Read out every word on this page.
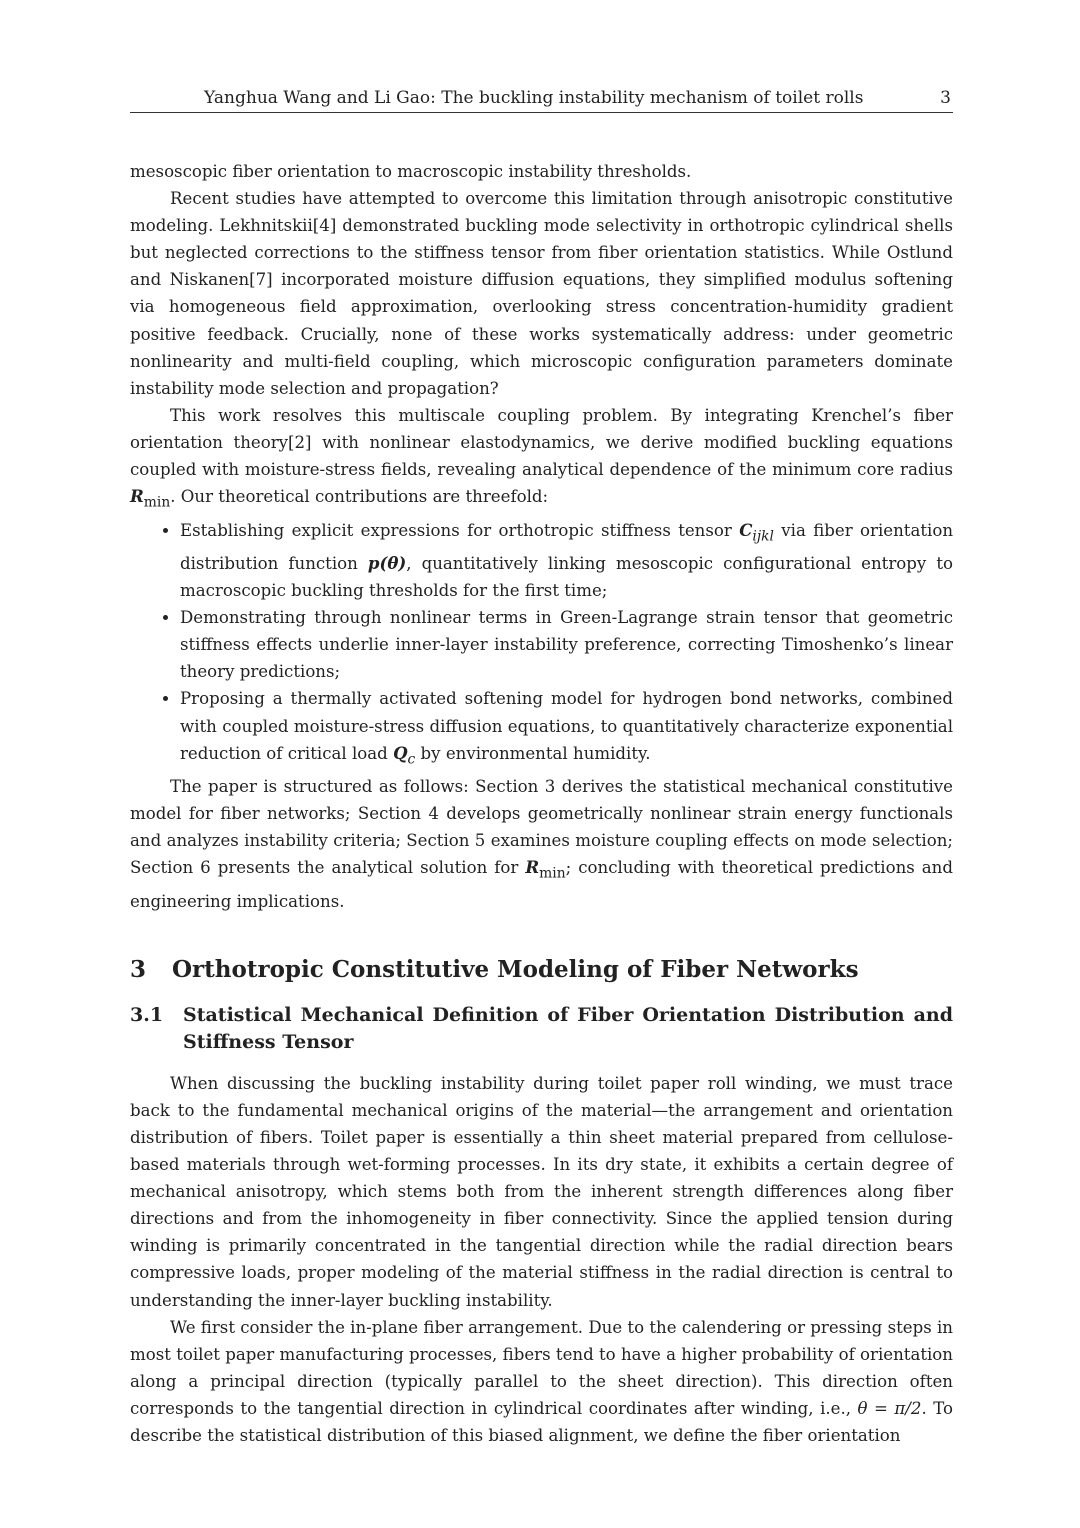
Yanghua Wang and Li Gao: The buckling instability mechanism of toilet rolls	3

mesoscopic fiber orientation to macroscopic instability thresholds.

Recent studies have attempted to overcome this limitation through anisotropic constitutive modeling. Lekhnitskii[4] demonstrated buckling mode selectivity in orthotropic cylindrical shells but neglected corrections to the stiffness tensor from fiber orientation statistics. While Ostlund and Niskanen[7] incorporated moisture diffusion equations, they simplified modulus softening via homogeneous field approximation, overlooking stress concentration-humidity gradient positive feedback. Crucially, none of these works systematically address: under geometric nonlinearity and multi-field coupling, which microscopic configuration parameters dominate instability mode selection and propagation?

This work resolves this multiscale coupling problem. By integrating Krenchel’s fiber orientation theory[2] with nonlinear elastodynamics, we derive modified buckling equations coupled with moisture-stress fields, revealing analytical dependence of the minimum core radius $R_{min}$. Our theoretical contributions are threefold:

• Establishing explicit expressions for orthotropic stiffness tensor $C_{ijkl}$ via fiber orientation distribution function p(θ), quantitatively linking mesoscopic configurational entropy to macroscopic buckling thresholds for the first time;
• Demonstrating through nonlinear terms in Green-Lagrange strain tensor that geometric stiffness effects underlie inner-layer instability preference, correcting Timoshenko’s linear theory predictions;
• Proposing a thermally activated softening model for hydrogen bond networks, combined with coupled moisture-stress diffusion equations, to quantitatively characterize exponential reduction of critical load $Q_c$ by environmental humidity.

The paper is structured as follows: Section 3 derives the statistical mechanical constitutive model for fiber networks; Section 4 develops geometrically nonlinear strain energy functionals and analyzes instability criteria; Section 5 examines moisture coupling effects on mode selection; Section 6 presents the analytical solution for $R_{min}$; concluding with theoretical predictions and engineering implications.

3 Orthotropic Constitutive Modeling of Fiber Networks
3.1 Statistical Mechanical Definition of Fiber Orientation Distribution and Stiffness Tensor

When discussing the buckling instability during toilet paper roll winding, we must trace back to the fundamental mechanical origins of the material—the arrangement and orientation distribution of fibers. Toilet paper is essentially a thin sheet material prepared from cellulose-based materials through wet-forming processes. In its dry state, it exhibits a certain degree of mechanical anisotropy, which stems both from the inherent strength differences along fiber directions and from the inhomogeneity in fiber connectivity. Since the applied tension during winding is primarily concentrated in the tangential direction while the radial direction bears compressive loads, proper modeling of the material stiffness in the radial direction is central to understanding the inner-layer buckling instability.

We first consider the in-plane fiber arrangement. Due to the calendering or pressing steps in most toilet paper manufacturing processes, fibers tend to have a higher probability of orientation along a principal direction (typically parallel to the sheet direction). This direction often corresponds to the tangential direction in cylindrical coordinates after winding, i.e., θ = π/2. To describe the statistical distribution of this biased alignment, we define the fiber orientation
